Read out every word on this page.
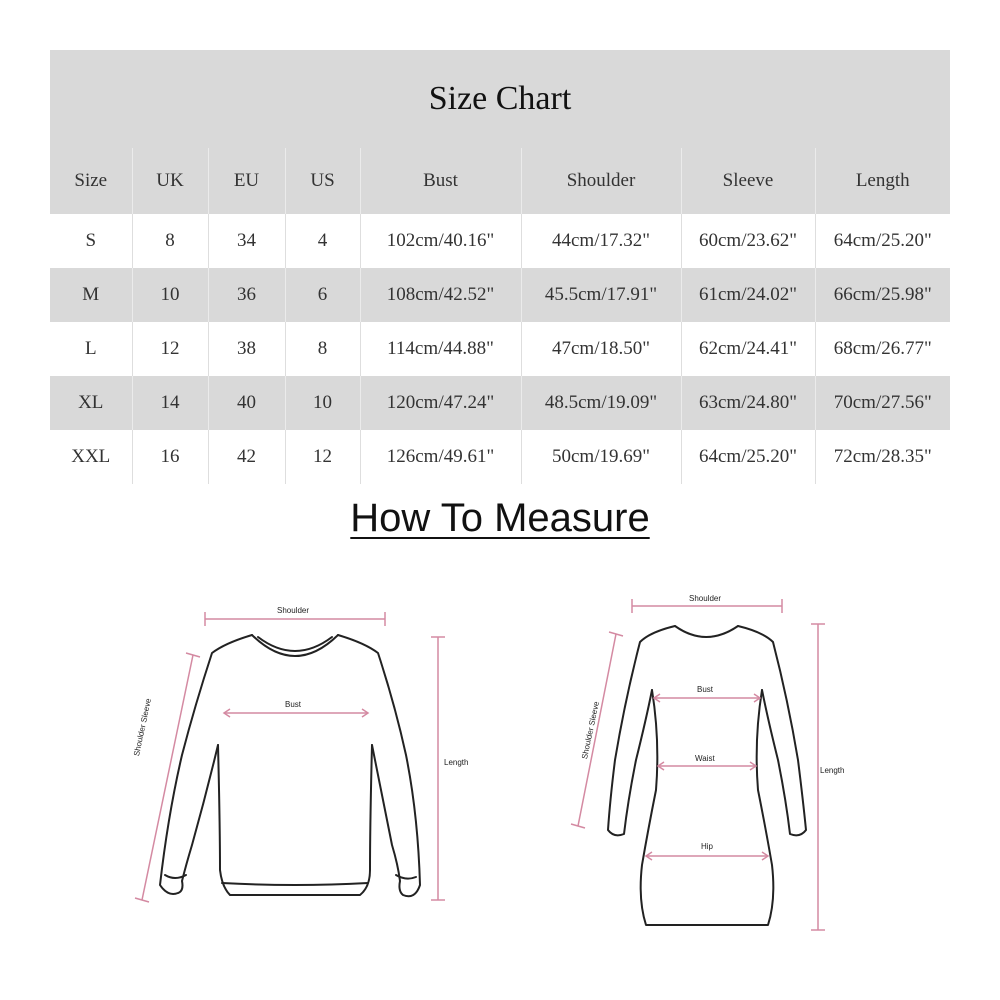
Size Chart
Size	UK	EU	US	Bust	Shoulder	Sleeve	Length
S	8	34	4	102cm/40.16"	44cm/17.32"	60cm/23.62"	64cm/25.20"
M	10	36	6	108cm/42.52"	45.5cm/17.91"	61cm/24.02"	66cm/25.98"
L	12	38	8	114cm/44.88"	47cm/18.50"	62cm/24.41"	68cm/26.77"
XL	14	40	10	120cm/47.24"	48.5cm/19.09"	63cm/24.80"	70cm/27.56"
XXL	16	42	12	126cm/49.61"	50cm/19.69"	64cm/25.20"	72cm/28.35"
How To Measure
Shoulder
Bust
Shoulder Sleeve
Length
Shoulder
Bust
Waist
Hip
Shoulder Sleeve
Length
